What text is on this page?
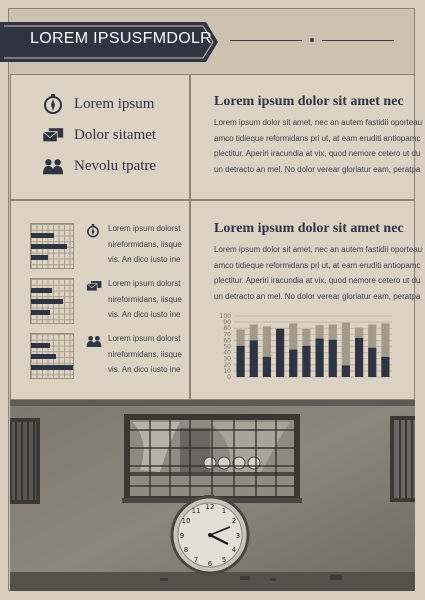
LOREM IPSUSFMDOLR
Lorem ipsum
Dolor sitamet
Nevolu tpatre
Lorem ipsum dolor sit amet nec
Lorem ipsum dolor sit amet, nec an autem fastidii oporteau
amco tidieque reformidans pri ut, at eam eruditi antiopamc
plectitur. Aperiri iracundia at vix, quod nemore cetero ut du
un detracto an mel. No dolor verear gloriatur eam, peratpa
Lorem ipsum dolorst
nireformidans, iisque
vis. An dico iusto ine
Lorem ipsum dolorst
nireformidans, iisque
vis. An dico iusto ine
Lorem ipsum dolorst
nireformidans, iisque
vis. An dico iusto ine
Lorem ipsum dolor sit amet nec
Lorem ipsum dolor sit amet, nec an autem fastidii oporteau
amco tidieque reformidans pri ut, at eam eruditi antiopamc
plectitur. Aperiri iracundia at vix, quod nemore cetero ut du
un detracto an mel. No dolor verear gloriatur eam, peratpa
0
10
20
30
40
50
60
70
80
90
100
12 1
2
3
4
5
6
7
8
9
10
11
